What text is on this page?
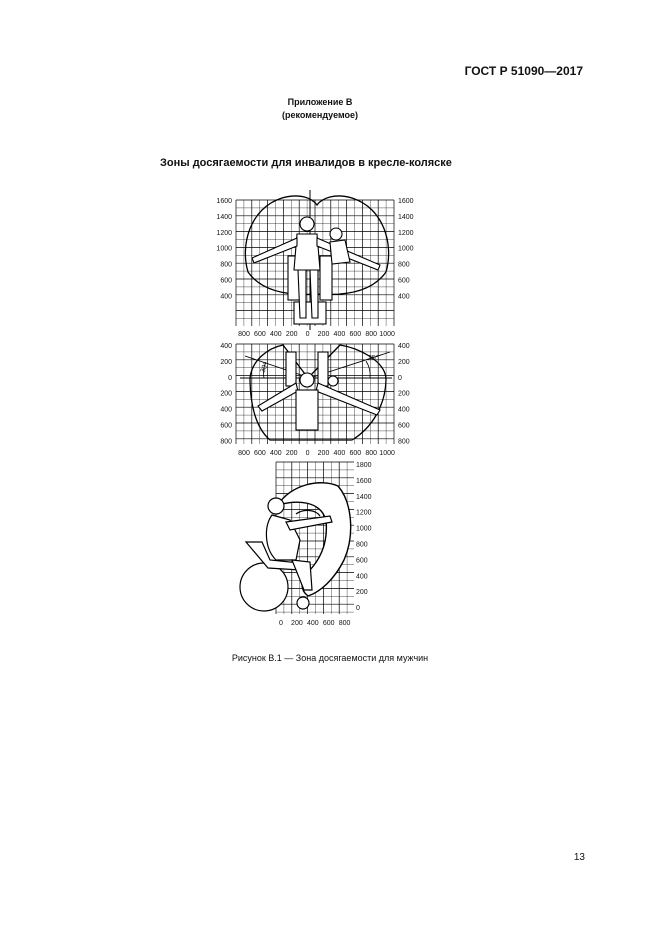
ГОСТ Р 51090—2017
Приложение В
(рекомендуемое)
Зоны досягаемости для инвалидов в кресле-коляске
30°
35°
1600	1600
1400	1400
1200	1200
1000	1000
800	800
600	600
400	400
800 600 400 200 0 200 400 600 800 1000
400	400
200	200
0	0
200	200
400	400
600	600
800	800
800 600 400 200 0 200 400 600 800 1000
1800
1600
1400
1200
1000
800
600
400
200
0
0 200 400 600 800
Рисунок В.1 — Зона досягаемости для мужчин
13
